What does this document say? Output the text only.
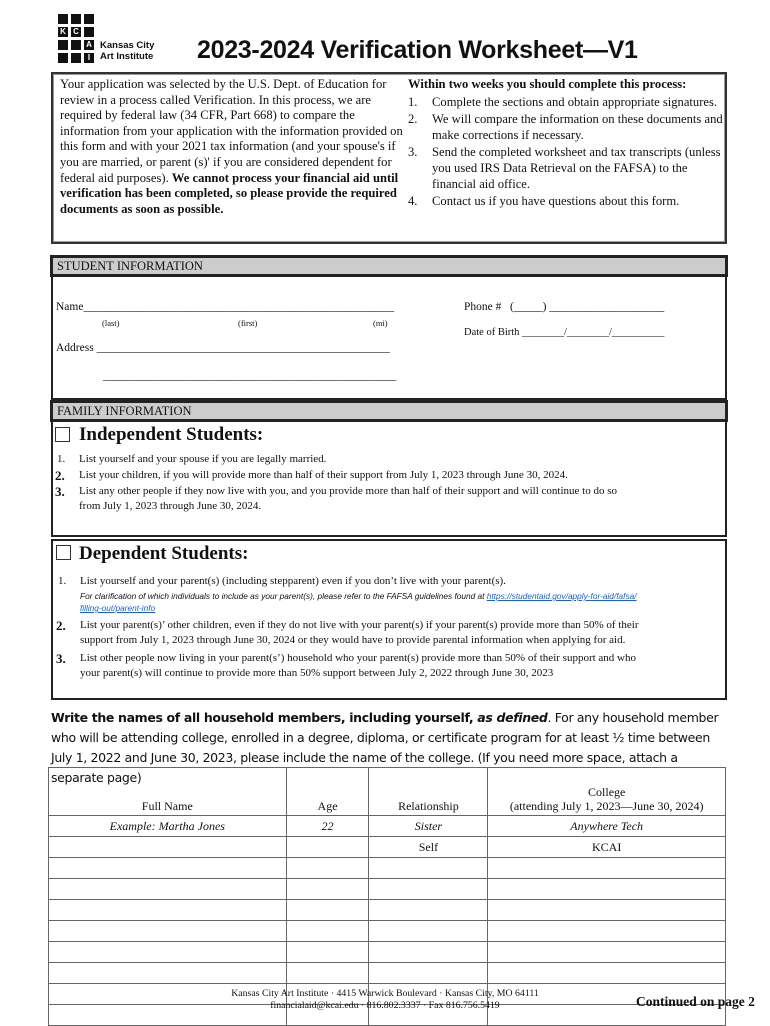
K C
A
I
Kansas City
Art Institute 2023-2024 Verification Worksheet—V1
Your application was selected by the U.S. Dept. of Education for review in a process called Verification. In this process, we are required by federal law (34 CFR, Part 668) to compare the information from your application with the information provided on this form and with your 2021 tax information (and your spouse's if you are married, or parent (s)' if you are considered dependent for federal aid purposes). We cannot process your financial aid until verification has been completed, so please provide the required documents as soon as possible.
Within two weeks you should complete this process:
1. Complete the sections and obtain appropriate signatures.
2. We will compare the information on these documents and make corrections if necessary.
3. Send the completed worksheet and tax transcripts (unless you used IRS Data Retrieval on the FAFSA) to the financial aid office.
4. Contact us if you have questions about this form.
STUDENT INFORMATION
Name______________________________________________________
(last)	(first)	(mi)
Address ___________________________________________________
___________________________________________________
Phone # (_____) ____________________
Date of Birth ________/________/__________
FAMILY INFORMATION
Independent Students:
1. List yourself and your spouse if you are legally married.
2. List your children, if you will provide more than half of their support from July 1, 2023 through June 30, 2024.
3. List any other people if they now live with you, and you provide more than half of their support and will continue to do so
from July 1, 2023 through June 30, 2024.
Dependent Students:
1. List yourself and your parent(s) (including stepparent) even if you don’t live with your parent(s).
For clarification of which individuals to include as your parent(s), please refer to the FAFSA guidelines found at https://studentaid.gov/apply-for-aid/fafsa/
filling-out/parent-info
2. List your parent(s)’ other children, even if they do not live with your parent(s) if your parent(s) provide more than 50% of their
support from July 1, 2023 through June 30, 2024 or they would have to provide parental information when applying for aid.
3. List other people now living in your parent(s’) household who your parent(s) provide more than 50% of their support and who
your parent(s) will continue to provide more than 50% support between July 2, 2022 through June 30, 2023
Write the names of all household members, including yourself, as defined. For any household member who will be attending college, enrolled in a degree, diploma, or certificate program for at least ½ time between July 1, 2022 and June 30, 2023, please include the name of the college. (If you need more space, attach a separate page)
Full Name	Age	Relationship	College
(attending July 1, 2023—June 30, 2024)
Example: Martha Jones	22	Sister	Anywhere Tech
		Self	KCAI

Kansas City Art Institute · 4415 Warwick Boulevard · Kansas City, MO 64111
financialaid@kcai.edu · 816.802.3337 · Fax 816.756.5419	Continued on page 2
